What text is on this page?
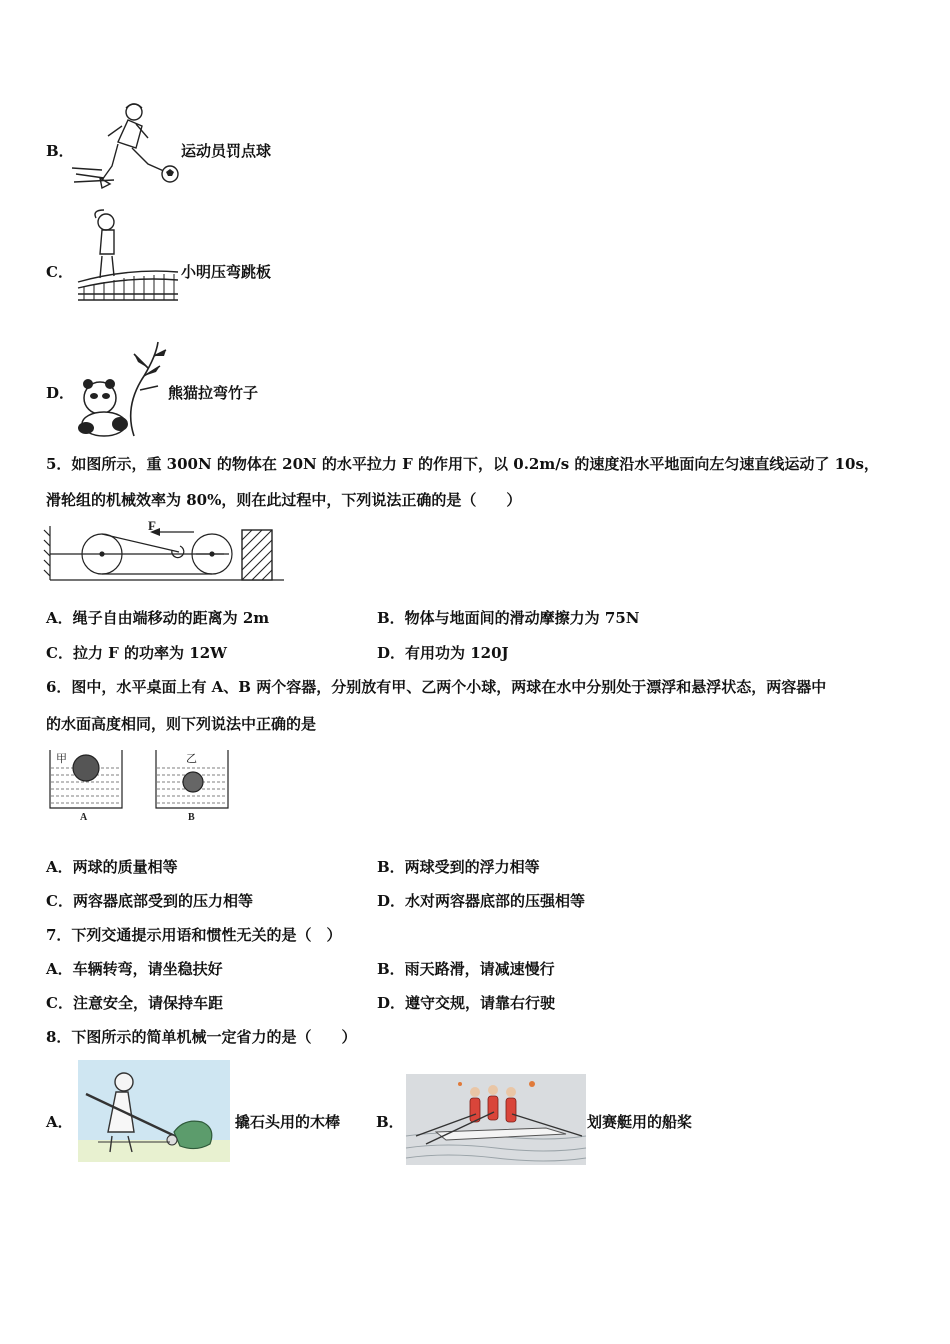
B．	运动员罚点球
C．	小明压弯跳板
D．	熊猫拉弯竹子
5．如图所示，重 300N 的物体在 20N 的水平拉力 F 的作用下，以 0.2m/s 的速度沿水平地面向左匀速直线运动了 10s，
滑轮组的机械效率为 80%，则在此过程中，下列说法正确的是（　　）
F
A．绳子自由端移动的距离为 2m	B．物体与地面间的滑动摩擦力为 75N
C．拉力 F 的功率为 12W	D．有用功为 120J
6．图中，水平桌面上有 A、B 两个容器，分别放有甲、乙两个小球，两球在水中分别处于漂浮和悬浮状态，两容器中
的水面高度相同，则下列说法中正确的是
甲	乙
A	B
A．两球的质量相等	B．两球受到的浮力相等
C．两容器底部受到的压力相等	D．水对两容器底部的压强相等
7．下列交通提示用语和惯性无关的是（　）
A．车辆转弯，请坐稳扶好	B．雨天路滑，请减速慢行
C．注意安全，请保持车距	D．遵守交规，请靠右行驶
8．下图所示的简单机械一定省力的是（　　）
A．	撬石头用的木棒 B．	划赛艇用的船桨
